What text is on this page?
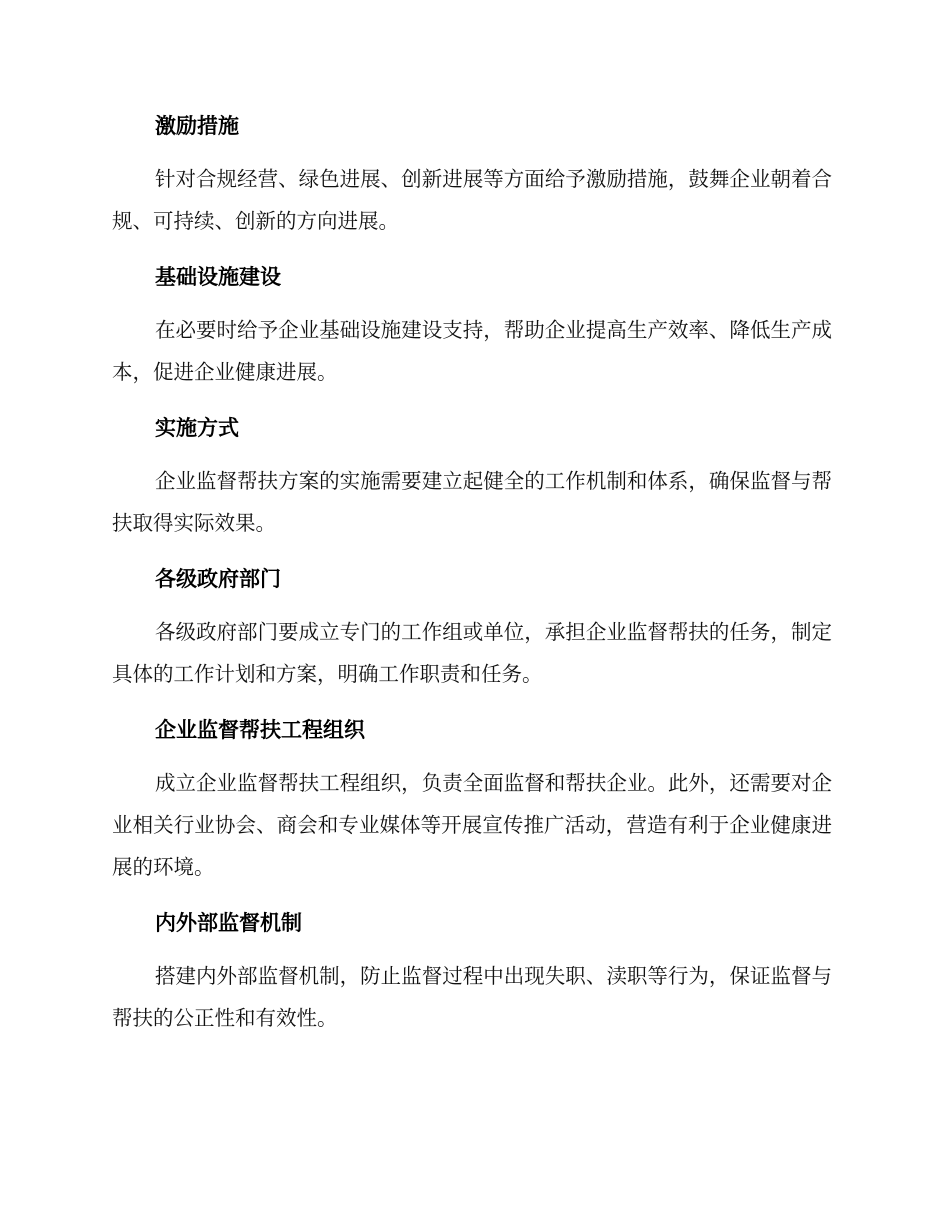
激励措施

针对合规经营、绿色进展、创新进展等方面给予激励措施，鼓舞企业朝着合规、可持续、创新的方向进展。

基础设施建设

在必要时给予企业基础设施建设支持，帮助企业提高生产效率、降低生产成本，促进企业健康进展。

实施方式

企业监督帮扶方案的实施需要建立起健全的工作机制和体系，确保监督与帮扶取得实际效果。

各级政府部门

各级政府部门要成立专门的工作组或单位，承担企业监督帮扶的任务，制定具体的工作计划和方案，明确工作职责和任务。

企业监督帮扶工程组织

成立企业监督帮扶工程组织，负责全面监督和帮扶企业。此外，还需要对企业相关行业协会、商会和专业媒体等开展宣传推广活动，营造有利于企业健康进展的环境。

内外部监督机制

搭建内外部监督机制，防止监督过程中出现失职、渎职等行为，保证监督与帮扶的公正性和有效性。
